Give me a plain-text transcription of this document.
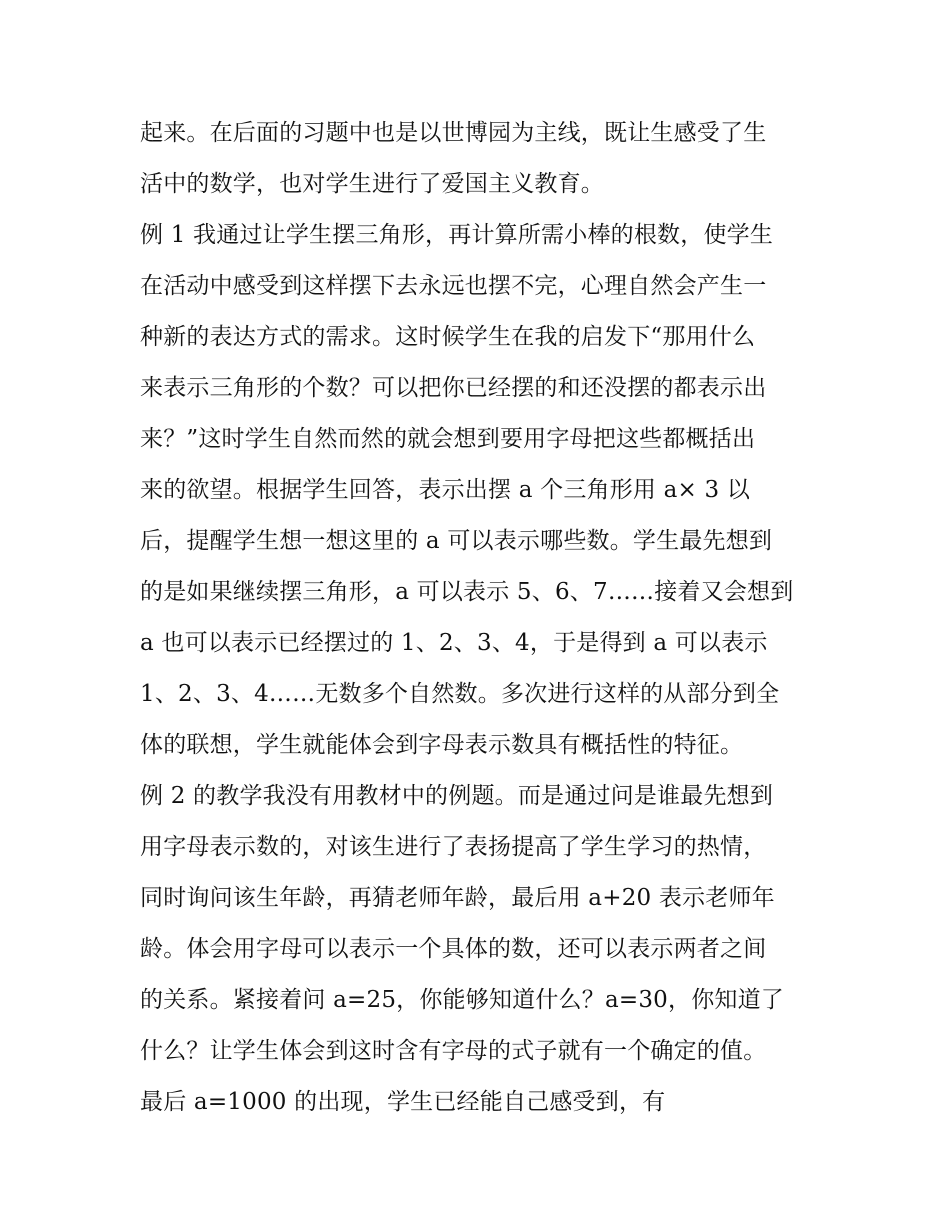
起来。在后面的习题中也是以世博园为主线，既让生感受了生
活中的数学，也对学生进行了爱国主义教育。
例 1 我通过让学生摆三角形，再计算所需小棒的根数，使学生
在活动中感受到这样摆下去永远也摆不完，心理自然会产生一
种新的表达方式的需求。这时候学生在我的启发下“那用什么
来表示三角形的个数？可以把你已经摆的和还没摆的都表示出
来？”这时学生自然而然的就会想到要用字母把这些都概括出
来的欲望。根据学生回答，表示出摆 a 个三角形用 a× 3 以
后，提醒学生想一想这里的 a 可以表示哪些数。学生最先想到
的是如果继续摆三角形，a 可以表示 5、6、7……接着又会想到
a 也可以表示已经摆过的 1、2、3、4，于是得到 a 可以表示
1、2、3、4……无数多个自然数。多次进行这样的从部分到全
体的联想，学生就能体会到字母表示数具有概括性的特征。
例 2 的教学我没有用教材中的例题。而是通过问是谁最先想到
用字母表示数的，对该生进行了表扬提高了学生学习的热情，
同时询问该生年龄，再猜老师年龄，最后用 a+20 表示老师年
龄。体会用字母可以表示一个具体的数，还可以表示两者之间
的关系。紧接着问 a=25，你能够知道什么？a=30，你知道了
什么？让学生体会到这时含有字母的式子就有一个确定的值。
最后 a=1000 的出现，学生已经能自己感受到，有
